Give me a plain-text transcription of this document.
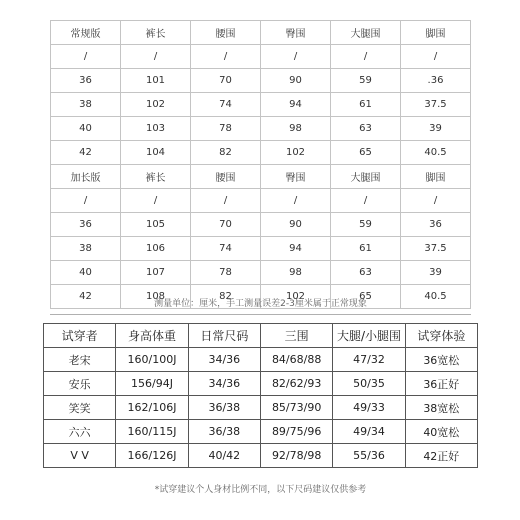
常规版	裤长	腰围	臀围	大腿围	脚围
/	/	/	/	/	/
36	101	70	90	59	.36
38	102	74	94	61	37.5
40	103	78	98	63	39
42	104	82	102	65	40.5
加长版	裤长	腰围	臀围	大腿围	脚围
/	/	/	/	/	/
36	105	70	90	59	36
38	106	74	94	61	37.5
40	107	78	98	63	39
42	108	82	102	65	40.5
测量单位：厘米，手工测量误差2-3厘米属于正常现象
试穿者	身高体重	日常尺码	三围	大腿/小腿围	试穿体验
老宋	160/100J	34/36	84/68/88	47/32	36宽松
安乐	156/94J	34/36	82/62/93	50/35	36正好
笑笑	162/106J	36/38	85/73/90	49/33	38宽松
六六	160/115J	36/38	89/75/96	49/34	40宽松
V V	166/126J	40/42	92/78/98	55/36	42正好
*试穿建议个人身材比例不同，以下尺码建议仅供参考
